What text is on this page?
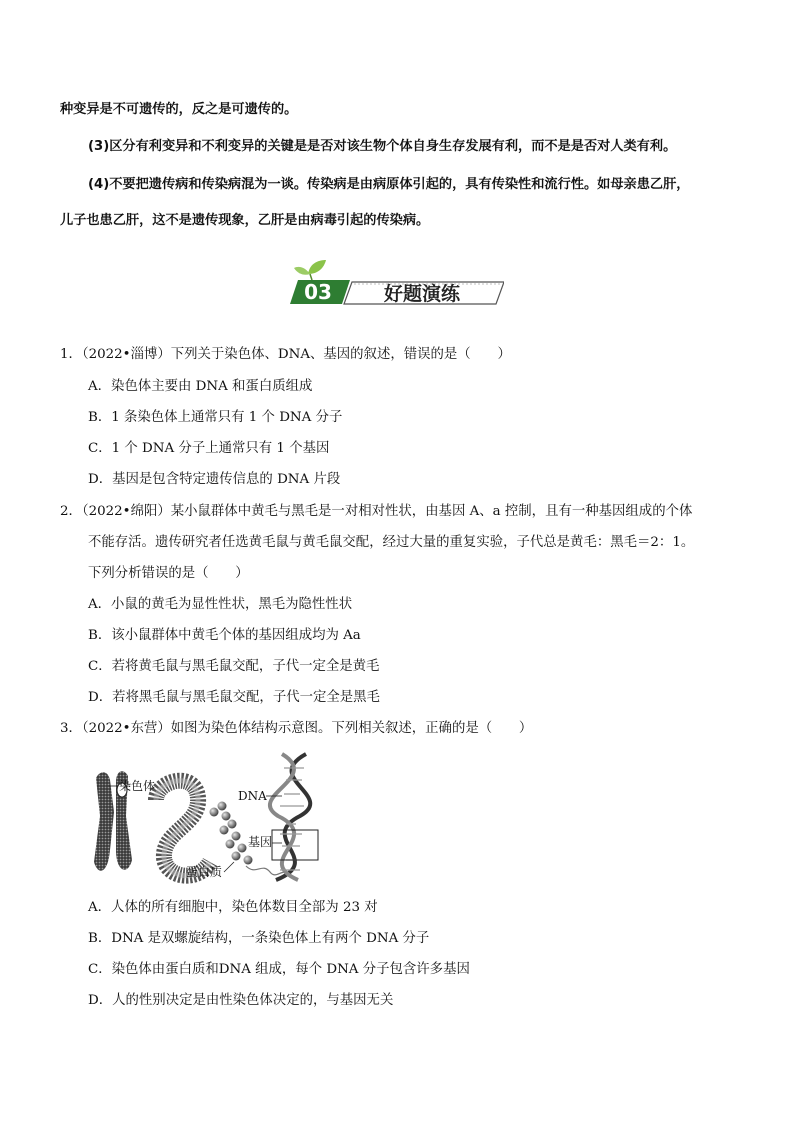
种变异是不可遗传的，反之是可遗传的。

(3)区分有利变异和不利变异的关键是是否对该生物个体自身生存发展有利，而不是是否对人类有利。

(4)不要把遗传病和传染病混为一谈。传染病是由病原体引起的，具有传染性和流行性。如母亲患乙肝，

儿子也患乙肝，这不是遗传现象，乙肝是由病毒引起的传染病。

03	好题演练
1．（2022•淄博）下列关于染色体、DNA、基因的叙述，错误的是（　　）
A．染色体主要由 DNA 和蛋白质组成
B．1 条染色体上通常只有 1 个 DNA 分子
C．1 个 DNA 分子上通常只有 1 个基因
D．基因是包含特定遗传信息的 DNA 片段
2．（2022•绵阳）某小鼠群体中黄毛与黑毛是一对相对性状，由基因 A、a 控制，且有一种基因组成的个体
不能存活。遗传研究者任选黄毛鼠与黄毛鼠交配，经过大量的重复实验，子代总是黄毛：黑毛＝2：1。
下列分析错误的是（　　）
A．小鼠的黄毛为显性性状，黑毛为隐性性状
B．该小鼠群体中黄毛个体的基因组成均为 Aa
C．若将黄毛鼠与黑毛鼠交配，子代一定全是黄毛
D．若将黑毛鼠与黑毛鼠交配，子代一定全是黑毛
3．（2022•东营）如图为染色体结构示意图。下列相关叙述，正确的是（　　）
染色体
DNA
基因
蛋白质
A．人体的所有细胞中，染色体数目全部为 23 对
B．DNA 是双螺旋结构，一条染色体上有两个 DNA 分子
C．染色体由蛋白质和DNA 组成，每个 DNA 分子包含许多基因
D．人的性别决定是由性染色体决定的，与基因无关
